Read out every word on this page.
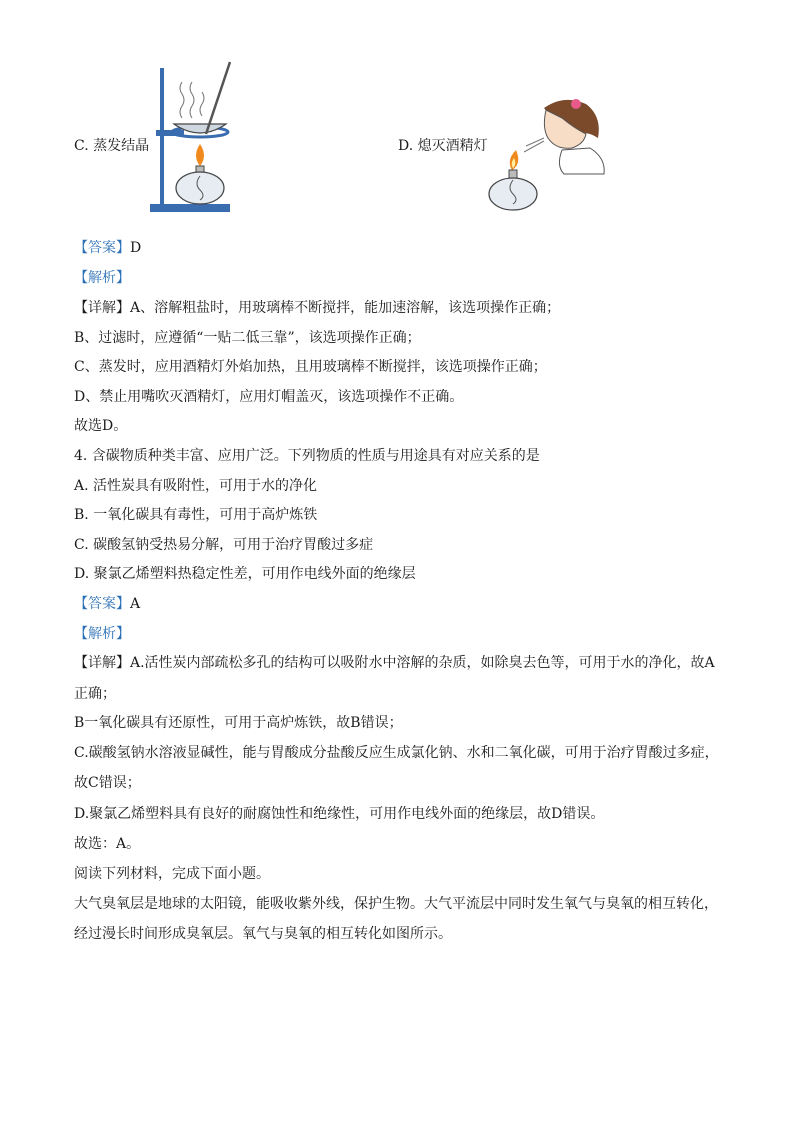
C. 蒸发结晶	D. 熄灭酒精灯
【答案】D
【解析】
【详解】A、溶解粗盐时，用玻璃棒不断搅拌，能加速溶解，该选项操作正确；
B、过滤时，应遵循“一贴二低三靠”，该选项操作正确；
C、蒸发时，应用酒精灯外焰加热，且用玻璃棒不断搅拌，该选项操作正确；
D、禁止用嘴吹灭酒精灯，应用灯帽盖灭，该选项操作不正确。
故选D。
4. 含碳物质种类丰富、应用广泛。下列物质的性质与用途具有对应关系的是
A. 活性炭具有吸附性，可用于水的净化
B. 一氧化碳具有毒性，可用于高炉炼铁
C. 碳酸氢钠受热易分解，可用于治疗胃酸过多症
D. 聚氯乙烯塑料热稳定性差，可用作电线外面的绝缘层
【答案】A
【解析】
【详解】A.活性炭内部疏松多孔的结构可以吸附水中溶解的杂质，如除臭去色等，可用于水的净化，故A
正确；
B一氧化碳具有还原性，可用于高炉炼铁，故B错误；
C.碳酸氢钠水溶液显碱性，能与胃酸成分盐酸反应生成氯化钠、水和二氧化碳，可用于治疗胃酸过多症，
故C错误；
D.聚氯乙烯塑料具有良好的耐腐蚀性和绝缘性，可用作电线外面的绝缘层，故D错误。
故选：A。
阅读下列材料，完成下面小题。
大气臭氧层是地球的太阳镜，能吸收紫外线，保护生物。大气平流层中同时发生氧气与臭氧的相互转化，
经过漫长时间形成臭氧层。氧气与臭氧的相互转化如图所示。
